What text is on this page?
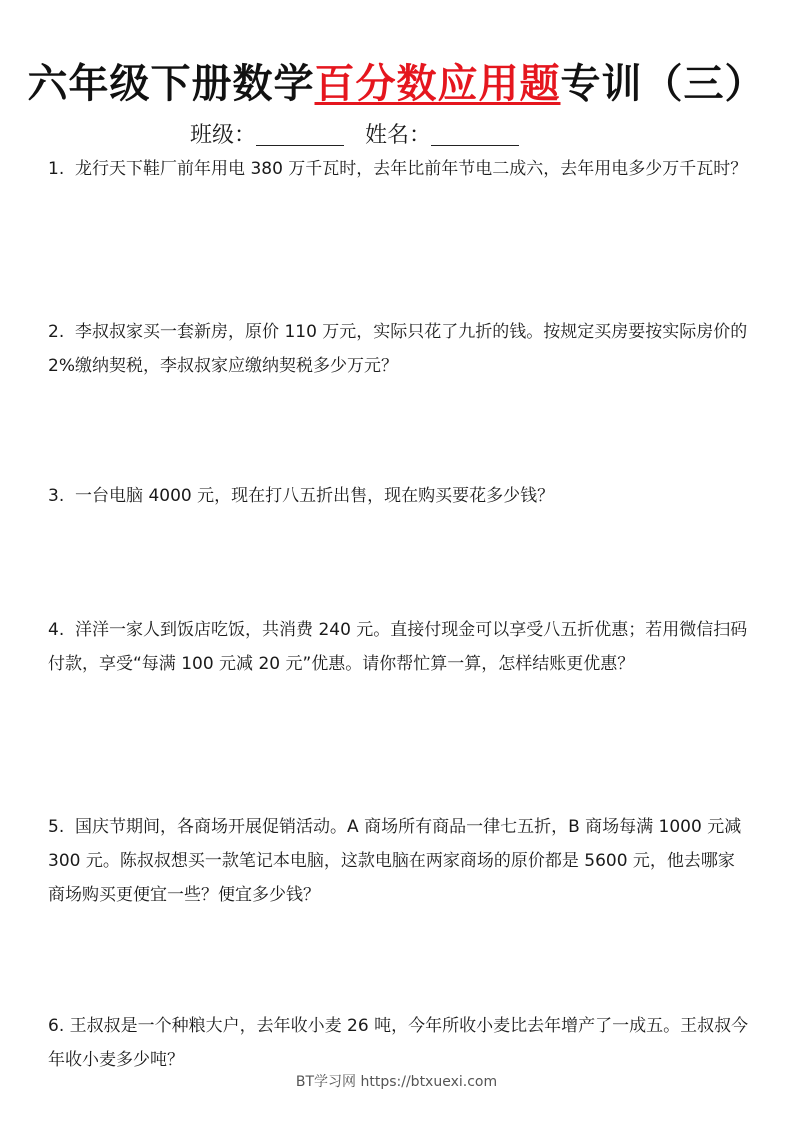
六年级下册数学百分数应用题专训（三）
班级：	姓名：
1. 龙行天下鞋厂前年用电 380 万千瓦时，去年比前年节电二成六，去年用电多少万千瓦时？
2. 李叔叔家买一套新房，原价 110 万元，实际只花了九折的钱。按规定买房要按实际房价的 2%缴纳契税，李叔叔家应缴纳契税多少万元？
3. 一台电脑 4000 元，现在打八五折出售，现在购买要花多少钱？
4. 洋洋一家人到饭店吃饭，共消费 240 元。直接付现金可以享受八五折优惠；若用微信扫码付款，享受“每满 100 元减 20 元”优惠。请你帮忙算一算，怎样结账更优惠？
5. 国庆节期间，各商场开展促销活动。A 商场所有商品一律七五折，B 商场每满 1000 元减 300 元。陈叔叔想买一款笔记本电脑，这款电脑在两家商场的原价都是 5600 元，他去哪家商场购买更便宜一些？便宜多少钱？
6. 王叔叔是一个种粮大户，去年收小麦 26 吨，今年所收小麦比去年增产了一成五。王叔叔今年收小麦多少吨？
BT学习网 https://btxuexi.com
